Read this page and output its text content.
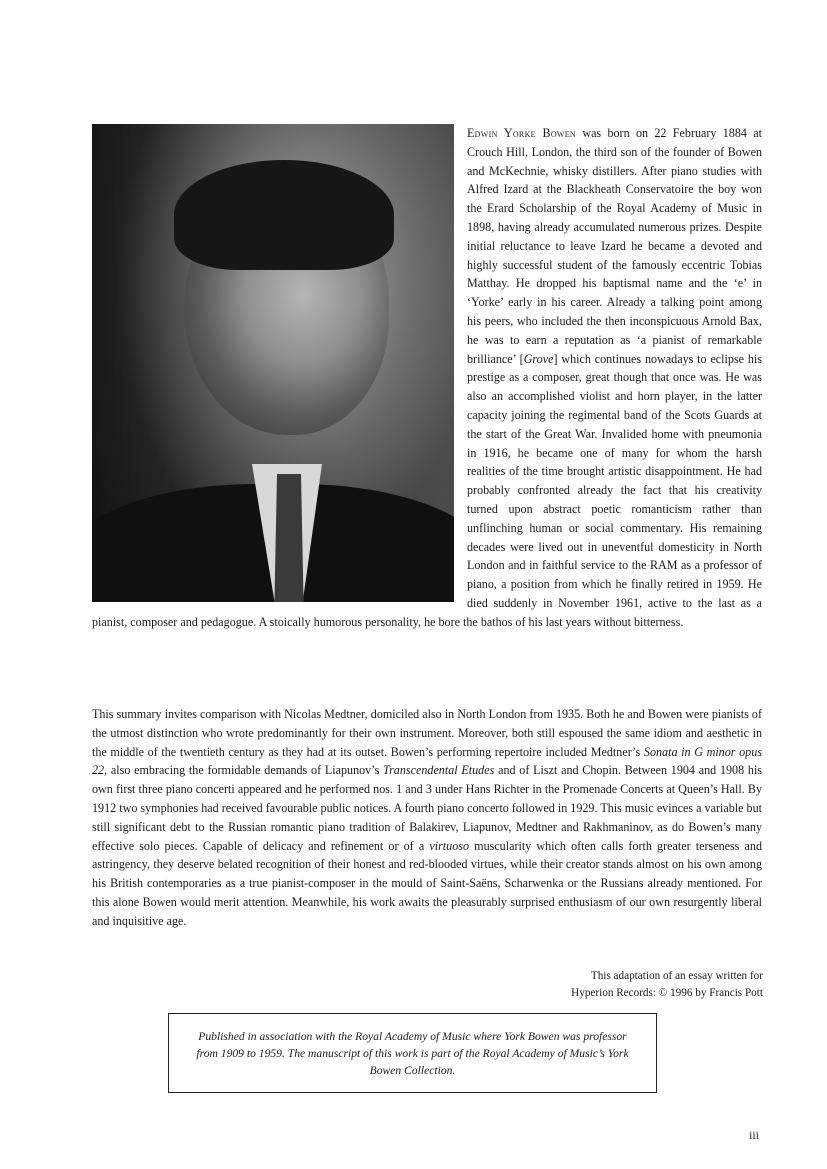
Edwin Yorke Bowen was born on 22 February 1884 at Crouch Hill, London, the third son of the founder of Bowen and McKechnie, whisky distillers. After piano studies with Alfred Izard at the Blackheath Conservatoire the boy won the Erard Scholarship of the Royal Academy of Music in 1898, having already accumulated numerous prizes. Despite initial reluctance to leave Izard he became a devoted and highly successful student of the famously eccentric Tobias Matthay. He dropped his baptismal name and the ‘e’ in ‘Yorke’ early in his career. Already a talking point among his peers, who included the then inconspicuous Arnold Bax, he was to earn a reputation as ‘a pianist of remarkable brilliance’ [Grove] which continues nowadays to eclipse his prestige as a composer, great though that once was. He was also an accomplished violist and horn player, in the latter capacity joining the regimental band of the Scots Guards at the start of the Great War. Invalided home with pneumonia in 1916, he became one of many for whom the harsh realities of the time brought artistic disappointment. He had probably confronted already the fact that his creativity turned upon abstract poetic romanticism rather than unflinching human or social commentary. His remaining decades were lived out in uneventful domesticity in North London and in faithful service to the RAM as a professor of piano, a position from which he finally retired in 1959. He died suddenly in November 1961, active to the last as a pianist, composer and pedagogue. A stoically humorous personality, he bore the bathos of his last years without bitterness.

This summary invites comparison with Nicolas Medtner, domiciled also in North London from 1935. Both he and Bowen were pianists of the utmost distinction who wrote predominantly for their own instrument. Moreover, both still espoused the same idiom and aesthetic in the middle of the twentieth century as they had at its outset. Bowen’s performing repertoire included Medtner’s Sonata in G minor opus 22, also embracing the formidable demands of Liapunov’s Transcendental Etudes and of Liszt and Chopin. Between 1904 and 1908 his own first three piano concerti appeared and he performed nos. 1 and 3 under Hans Richter in the Promenade Concerts at Queen’s Hall. By 1912 two symphonies had received favourable public notices. A fourth piano concerto followed in 1929. This music evinces a variable but still significant debt to the Russian romantic piano tradition of Balakirev, Liapunov, Medtner and Rakhmaninov, as do Bowen’s many effective solo pieces. Capable of delicacy and refinement or of a virtuoso muscularity which often calls forth greater terseness and astringency, they deserve belated recognition of their honest and red-blooded virtues, while their creator stands almost on his own among his British contemporaries as a true pianist-composer in the mould of Saint-Saëns, Scharwenka or the Russians already mentioned. For this alone Bowen would merit attention. Meanwhile, his work awaits the pleasurably surprised enthusiasm of our own resurgently liberal and inquisitive age.

This adaptation of an essay written for
Hyperion Records: © 1996 by Francis Pott

Published in association with the Royal Academy of Music where York Bowen was professor from 1909 to 1959. The manuscript of this work is part of the Royal Academy of Music’s York Bowen Collection.

iii
